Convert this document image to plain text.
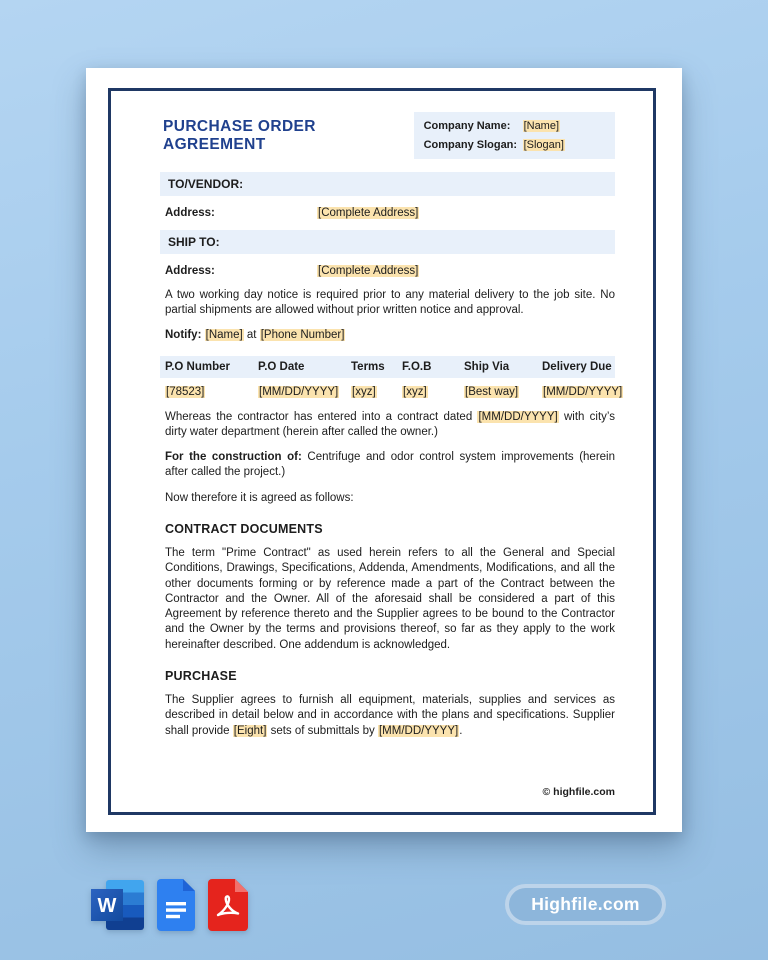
PURCHASE ORDER AGREEMENT
Company Name:	[Name]
Company Slogan: [Slogan]
TO/VENDOR:
Address:	[Complete Address]
SHIP TO:
Address:	[Complete Address]

A two working day notice is required prior to any material delivery to the job site. No partial shipments are allowed without prior written notice and approval.

Notify: [Name] at [Phone Number]
P.O Number	P.O Date	Terms	F.O.B	Ship Via	Delivery Due
[78523]	[MM/DD/YYYY]	[xyz]	[xyz]	[Best way]	[MM/DD/YYYY]

Whereas the contractor has entered into a contract dated [MM/DD/YYYY] with city’s dirty water department (herein after called the owner.)

For the construction of: Centrifuge and odor control system improvements (herein after called the project.)

Now therefore it is agreed as follows:

CONTRACT DOCUMENTS

The term "Prime Contract" as used herein refers to all the General and Special Conditions, Drawings, Specifications, Addenda, Amendments, Modifications, and all the other documents forming or by reference made a part of the Contract between the Contractor and the Owner. All of the aforesaid shall be considered a part of this Agreement by reference thereto and the Supplier agrees to be bound to the Contractor and the Owner by the terms and provisions thereof, so far as they apply to the work hereinafter described. One addendum is acknowledged.

PURCHASE

The Supplier agrees to furnish all equipment, materials, supplies and services as described in detail below and in accordance with the plans and specifications. Supplier shall provide [Eight] sets of submittals by [MM/DD/YYYY].

© highfile.com
W	Highfile.com
